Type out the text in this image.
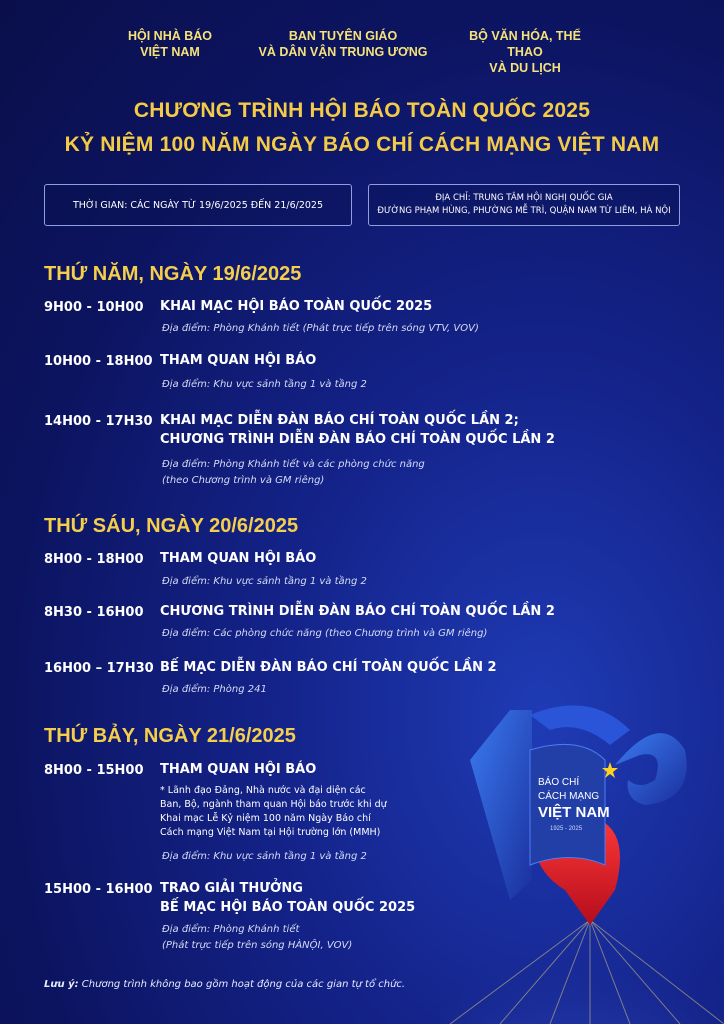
HỘI NHÀ BÁO
VIỆT NAM
BAN TUYÊN GIÁO
VÀ DÂN VẬN TRUNG ƯƠNG
BỘ VĂN HÓA, THỂ THAO
VÀ DU LỊCH
CHƯƠNG TRÌNH HỘI BÁO TOÀN QUỐC 2025
KỶ NIỆM 100 NĂM NGÀY BÁO CHÍ CÁCH MẠNG VIỆT NAM
THỜI GIAN: CÁC NGÀY TỪ 19/6/2025 ĐẾN 21/6/2025
ĐỊA CHỈ: TRUNG TÂM HỘI NGHỊ QUỐC GIA
ĐƯỜNG PHẠM HÙNG, PHƯỜNG MỄ TRÌ, QUẬN NAM TỪ LIÊM, HÀ NỘI
BÁO CHÍ
CÁCH MẠNG
VIỆT NAM
1925 - 2025
THỨ NĂM, NGÀY 19/6/2025
9H00 - 10H00 KHAI MẠC HỘI BÁO TOÀN QUỐC 2025
Địa điểm: Phòng Khánh tiết (Phát trực tiếp trên sóng VTV, VOV)
10H00 - 18H00 THAM QUAN HỘI BÁO
Địa điểm: Khu vực sảnh tầng 1 và tầng 2
14H00 - 17H30 KHAI MẠC DIỄN ĐÀN BÁO CHÍ TOÀN QUỐC LẦN 2;
CHƯƠNG TRÌNH DIỄN ĐÀN BÁO CHÍ TOÀN QUỐC LẦN 2
Địa điểm: Phòng Khánh tiết và các phòng chức năng
(theo Chương trình và GM riêng)
THỨ SÁU, NGÀY 20/6/2025
8H00 - 18H00 THAM QUAN HỘI BÁO
Địa điểm: Khu vực sảnh tầng 1 và tầng 2
8H30 - 16H00 CHƯƠNG TRÌNH DIỄN ĐÀN BÁO CHÍ TOÀN QUỐC LẦN 2
Địa điểm: Các phòng chức năng (theo Chương trình và GM riêng)
16H00 – 17H30 BẾ MẠC DIỄN ĐÀN BÁO CHÍ TOÀN QUỐC LẦN 2
Địa điểm: Phòng 241
THỨ BẢY, NGÀY 21/6/2025
8H00 - 15H00 THAM QUAN HỘI BÁO
* Lãnh đạo Đảng, Nhà nước và đại diện các
Ban, Bộ, ngành tham quan Hội báo trước khi dự
Khai mạc Lễ Kỷ niệm 100 năm Ngày Báo chí
Cách mạng Việt Nam tại Hội trường lớn (MMH)
Địa điểm: Khu vực sảnh tầng 1 và tầng 2
15H00 - 16H00 TRAO GIẢI THƯỞNG
BẾ MẠC HỘI BÁO TOÀN QUỐC 2025
Địa điểm: Phòng Khánh tiết
(Phát trực tiếp trên sóng HÀNỘI, VOV)
Lưu ý: Chương trình không bao gồm hoạt động của các gian tự tổ chức.
